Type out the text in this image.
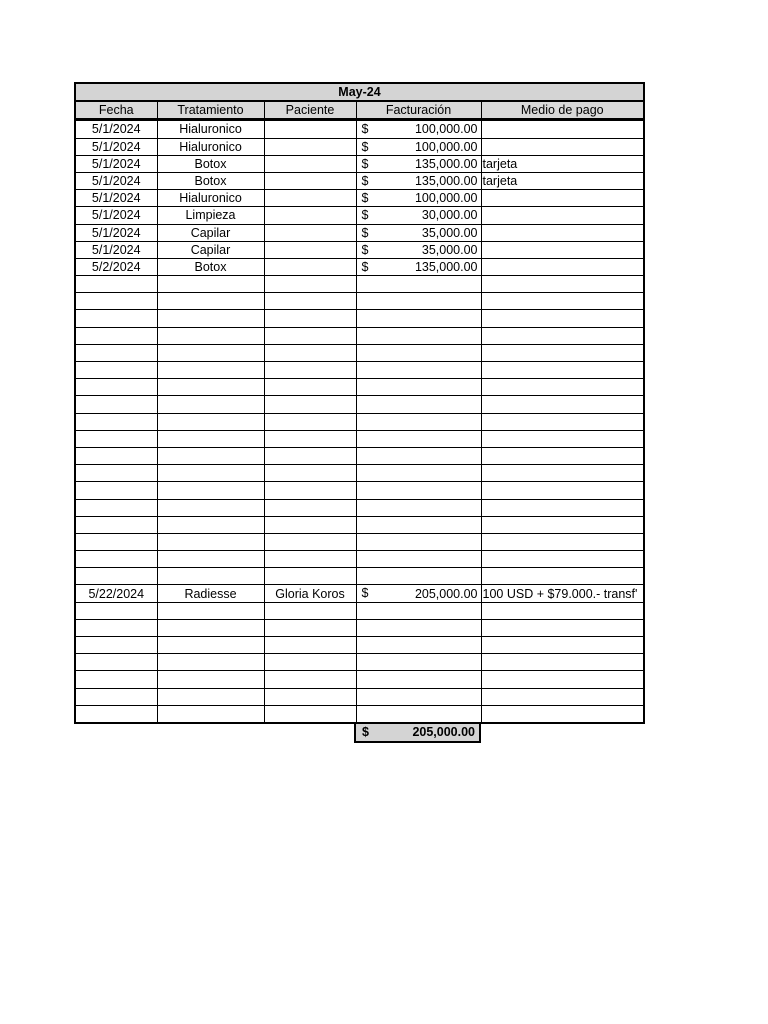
May-24				
Fecha	Tratamiento	Paciente	Facturación	Medio de pago
5/1/2024	Hialuronico		$ 100,000.00	
5/1/2024	Hialuronico		$ 100,000.00	
5/1/2024	Botox		$ 135,000.00	tarjeta
5/1/2024	Botox		$ 135,000.00	tarjeta
5/1/2024	Hialuronico		$ 100,000.00	
5/1/2024	Limpieza		$ 30,000.00	
5/1/2024	Capilar		$ 35,000.00	
5/1/2024	Capilar		$ 35,000.00	
5/2/2024	Botox		$ 135,000.00	

5/22/2024	Radiesse	Gloria Koros	$ 205,000.00	100 USD + $79.000.- transf'

$	205,000.00
